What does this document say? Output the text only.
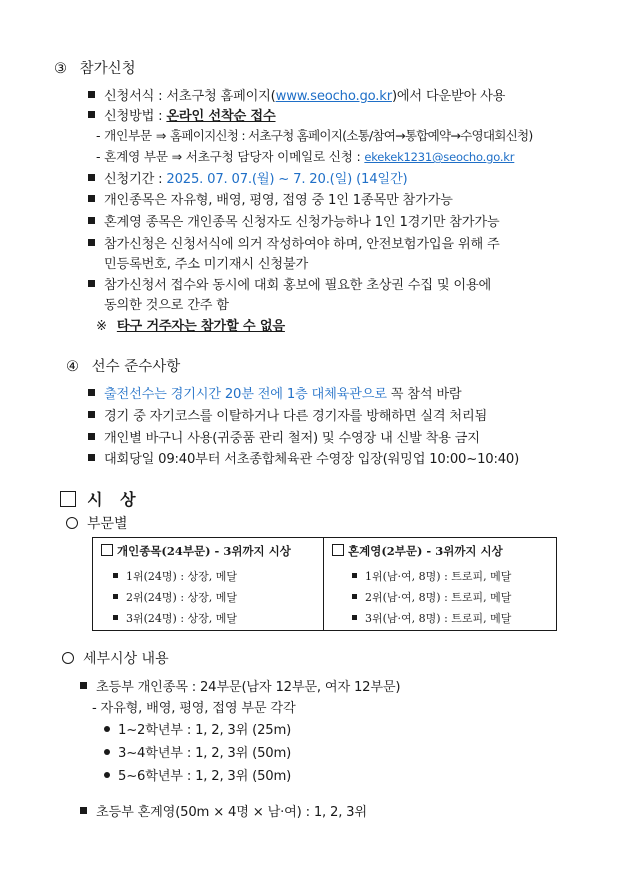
③ 참가신청
신청서식 : 서초구청 홈페이지(www.seocho.go.kr)에서 다운받아 사용
신청방법 : 온라인 선착순 접수
- 개인부문 ⇒ 홈페이지신청 : 서초구청 홈페이지(소통/참여→통합예약→수영대회신청)
- 혼계영 부문 ⇒ 서초구청 담당자 이메일로 신청 : ekekek1231@seocho.go.kr
신청기간 : 2025. 07. 07.(월) ~ 7. 20.(일) (14일간)
개인종목은 자유형, 배영, 평영, 접영 중 1인 1종목만 참가가능
혼계영 종목은 개인종목 신청자도 신청가능하나 1인 1경기만 참가가능
참가신청은 신청서식에 의거 작성하여야 하며, 안전보험가입을 위해 주
민등록번호, 주소 미기재시 신청불가
참가신청서 접수와 동시에 대회 홍보에 필요한 초상권 수집 및 이용에
동의한 것으로 간주 함
※ 타구 거주자는 참가할 수 없음
④ 선수 준수사항
출전선수는 경기시간 20분 전에 1층 대체육관으로 꼭 참석 바람
경기 중 자기코스를 이탈하거나 다른 경기자를 방해하면 실격 처리됨
개인별 바구니 사용(귀중품 관리 철저) 및 수영장 내 신발 착용 금지
대회당일 09:40부터 서초종합체육관 수영장 입장(워밍업 10:00~10:40)
시 상
부문별
개인종목(24부문) - 3위까지 시상
1위(24명) : 상장, 메달
2위(24명) : 상장, 메달
3위(24명) : 상장, 메달
혼계영(2부문) - 3위까지 시상
1위(남·여, 8명) : 트로피, 메달
2위(남·여, 8명) : 트로피, 메달
3위(남·여, 8명) : 트로피, 메달
세부시상 내용
초등부 개인종목 : 24부문(남자 12부문, 여자 12부문)
- 자유형, 배영, 평영, 접영 부문 각각
1~2학년부 : 1, 2, 3위 (25m)
3~4학년부 : 1, 2, 3위 (50m)
5~6학년부 : 1, 2, 3위 (50m)
초등부 혼계영(50m × 4명 × 남·여) : 1, 2, 3위
